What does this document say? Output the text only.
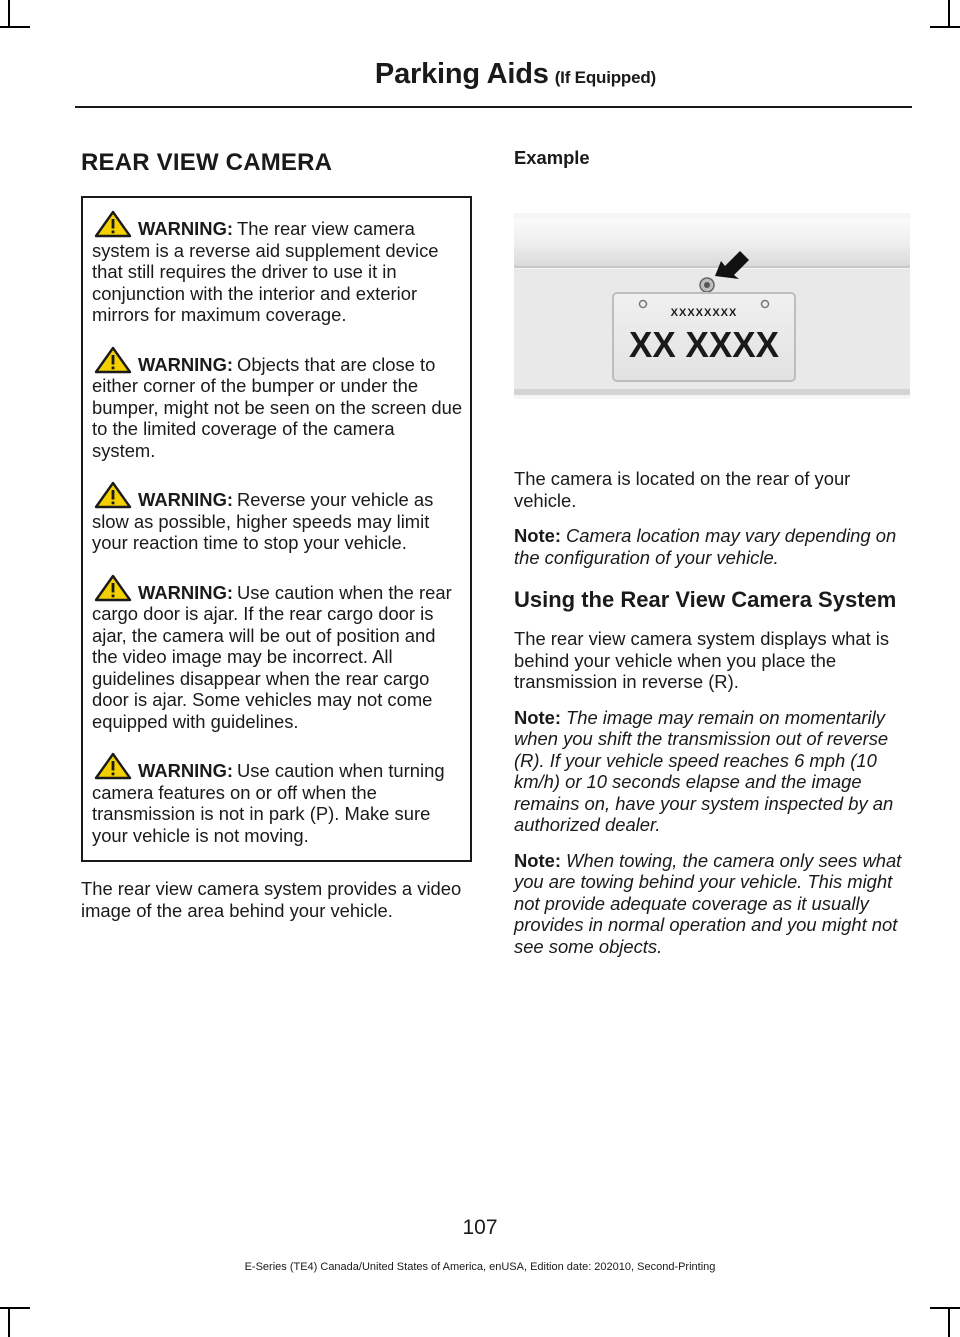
Parking Aids (If Equipped)
REAR VIEW CAMERA

WARNING: The rear view camera system is a reverse aid supplement device that still requires the driver to use it in conjunction with the interior and exterior mirrors for maximum coverage.

WARNING: Objects that are close to either corner of the bumper or under the bumper, might not be seen on the screen due to the limited coverage of the camera system.

WARNING: Reverse your vehicle as slow as possible, higher speeds may limit your reaction time to stop your vehicle.

WARNING: Use caution when the rear cargo door is ajar. If the rear cargo door is ajar, the camera will be out of position and the video image may be incorrect. All guidelines disappear when the rear cargo door is ajar. Some vehicles may not come equipped with guidelines.

WARNING: Use caution when turning camera features on or off when the transmission is not in park (P). Make sure your vehicle is not moving.

The rear view camera system provides a video image of the area behind your vehicle.

Example
XXXXXXXX
XX XXXX

The camera is located on the rear of your vehicle.

Note: Camera location may vary depending on the configuration of your vehicle.

Using the Rear View Camera System

The rear view camera system displays what is behind your vehicle when you place the transmission in reverse (R).

Note: The image may remain on momentarily when you shift the transmission out of reverse (R). If your vehicle speed reaches 6 mph (10 km/h) or 10 seconds elapse and the image remains on, have your system inspected by an authorized dealer.

Note: When towing, the camera only sees what you are towing behind your vehicle. This might not provide adequate coverage as it usually provides in normal operation and you might not see some objects.

107
E-Series (TE4) Canada/United States of America, enUSA, Edition date: 202010, Second-Printing
